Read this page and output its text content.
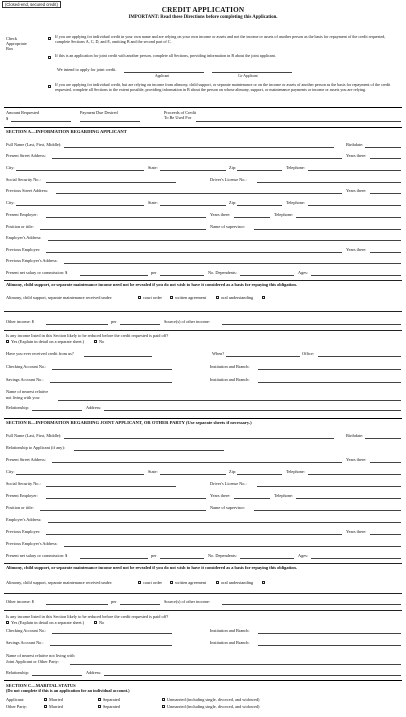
(Closed-end, secured credit)
CREDIT APPLICATION
IMPORTANT: Read these Directions before completing this Application.
Check
Appropriate
Box
If you are applying for individual credit in your own name and are relying on your own income or assets and not the income or assets of another person as the basis for repayment of the credit requested, complete Sections A, C, D, and E, omitting B and the second part of C.
If this is an application for joint credit with another person, complete all Sections, providing information in B about the joint applicant.
We intend to apply for joint credit.
Applicant	Co-Applicant
If you are applying for individual credit, but are relying on income from alimony, child support, or separate maintenance or on the income or assets of another person as the basis for repayment of the credit requested, complete all Sections to the extent possible, providing information in B about the person on whose alimony, support, or maintenance payments or income or assets you are relying.
Amount Requested
$
Payment Due Desired	Proceeds of Credit
To Be Used For
SECTION A—INFORMATION REGARDING APPLICANT
Full Name (Last, First, Middle):	Birthdate:
Present Street Address:	Years there:
City:	State:	Zip:	Telephone:
Social Security No.:	Driver's License No.:
Previous Street Address:	Years there:
City:	State:	Zip:	Telephone:
Present Employer:	Years there:	Telephone:
Position or title:	Name of supervisor:
Employer's Address:
Previous Employer:	Years there:
Previous Employer's Address:
Present net salary or commission: $	per	No. Dependents:	Ages:
Alimony, child support, or separate maintenance income need not be revealed if you do not wish to have it considered as a basis for repaying this obligation.
Alimony, child support, separate maintenance received under:	court order	written agreement	oral understanding
Other income: $	per	Source(s) of other income:
Is any income listed in this Section likely to be reduced before the credit requested is paid off?
Yes (Explain in detail on a separate sheet.)	No
Have you ever received credit from us?	When?	Office:
Checking Account No.:	Institution and Branch:
Savings Account No.:	Institution and Branch:
Name of nearest relative
not living with you:
Relationship:	Address:
SECTION B—INFORMATION REGARDING JOINT APPLICANT, OR OTHER PARTY (Use separate sheets if necessary.)
Full Name (Last, First, Middle):	Birthdate:
Relationship to Applicant (if any):
Present Street Address:	Years there:
City:	State:	Zip:	Telephone:
Social Security No.:	Driver's License No.:
Present Employer:	Years there:	Telephone:
Position or title:	Name of supervisor:
Employer's Address:
Previous Employer:	Years there:
Previous Employer's Address:
Present net salary or commission: $	per	No. Dependents:	Ages:
Alimony, child support, or separate maintenance income need not be revealed if you do not wish to have it considered as a basis for repaying this obligation.
Alimony, child support, separate maintenance received under:	court order	written agreement	oral understanding
Other income: $	per	Source(s) of other income:
Is any income listed in this Section likely to be reduced before the credit requested is paid off?
Yes (Explain in detail on a separate sheet.)	No
Checking Account No.:	Institution and Branch:
Savings Account No.:	Institution and Branch:
Name of nearest relative not living with
Joint Applicant or Other Party:
Relationship:	Address:
SECTION C—MARITAL STATUS
(Do not complete if this is an application for an individual account.)
Applicant:	Married	Separated	Unmarried (including single, divorced, and widowed)
Other Party:	Married	Separated	Unmarried (including single, divorced, and widowed)
